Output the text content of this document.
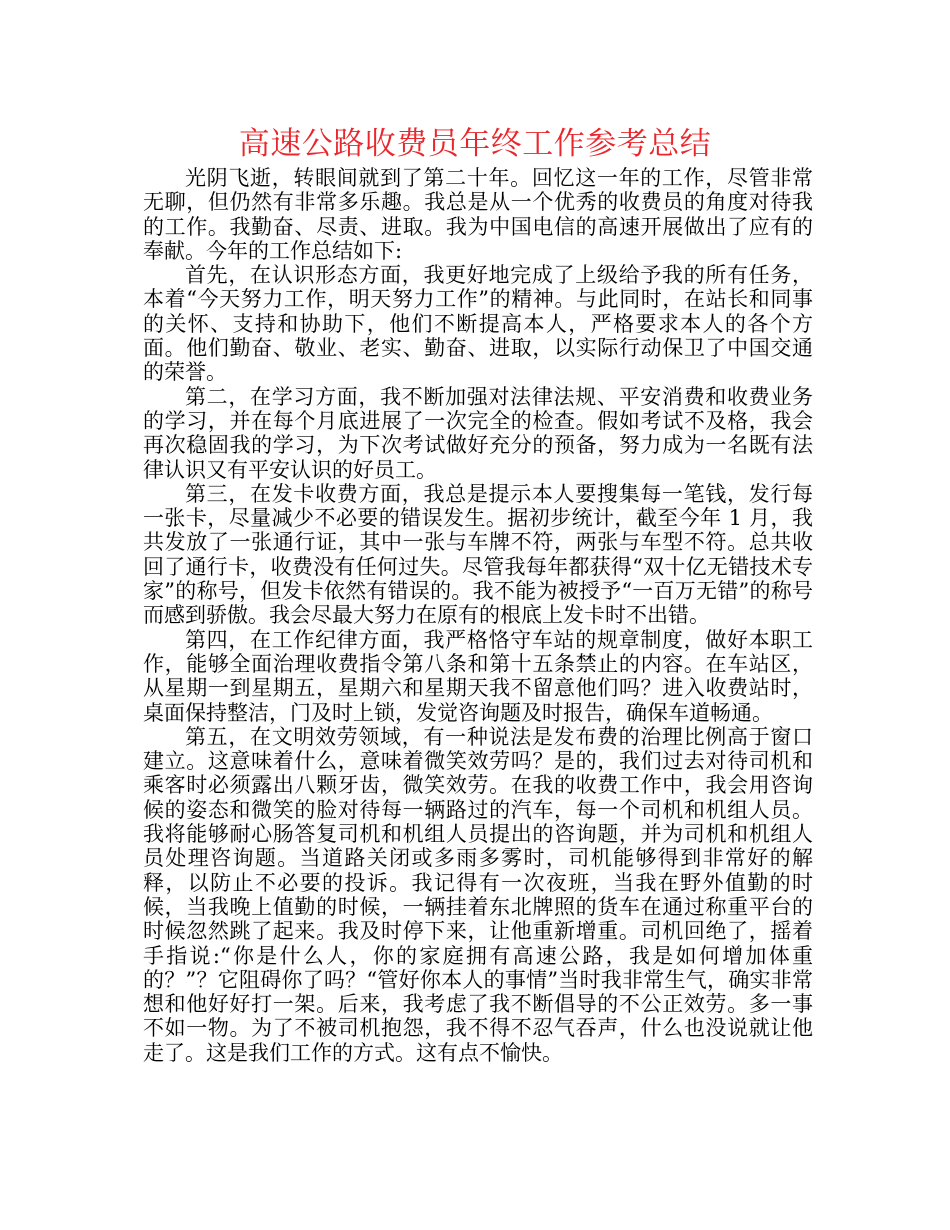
高速公路收费员年终工作参考总结

光阴飞逝，转眼间就到了第二十年。回忆这一年的工作，尽管非常无聊，但仍然有非常多乐趣。我总是从一个优秀的收费员的角度对待我的工作。我勤奋、尽责、进取。我为中国电信的高速开展做出了应有的奉献。今年的工作总结如下:

首先，在认识形态方面，我更好地完成了上级给予我的所有任务，本着“今天努力工作，明天努力工作”的精神。与此同时，在站长和同事的关怀、支持和协助下，他们不断提高本人，严格要求本人的各个方面。他们勤奋、敬业、老实、勤奋、进取，以实际行动保卫了中国交通的荣誉。

第二，在学习方面，我不断加强对法律法规、平安消费和收费业务的学习，并在每个月底进展了一次完全的检查。假如考试不及格，我会再次稳固我的学习，为下次考试做好充分的预备，努力成为一名既有法律认识又有平安认识的好员工。

第三，在发卡收费方面，我总是提示本人要搜集每一笔钱，发行每一张卡，尽量减少不必要的错误发生。据初步统计，截至今年 1 月，我共发放了一张通行证，其中一张与车牌不符，两张与车型不符。总共收回了通行卡，收费没有任何过失。尽管我每年都获得“双十亿无错技术专家”的称号，但发卡依然有错误的。我不能为被授予“一百万无错”的称号而感到骄傲。我会尽最大努力在原有的根底上发卡时不出错。

第四，在工作纪律方面，我严格恪守车站的规章制度，做好本职工作，能够全面治理收费指令第八条和第十五条禁止的内容。在车站区，从星期一到星期五，星期六和星期天我不留意他们吗？进入收费站时，桌面保持整洁，门及时上锁，发觉咨询题及时报告，确保车道畅通。

第五，在文明效劳领域，有一种说法是发布费的治理比例高于窗口建立。这意味着什么，意味着微笑效劳吗？是的，我们过去对待司机和乘客时必须露出八颗牙齿，微笑效劳。在我的收费工作中，我会用咨询候的姿态和微笑的脸对待每一辆路过的汽车，每一个司机和机组人员。我将能够耐心肠答复司机和机组人员提出的咨询题，并为司机和机组人员处理咨询题。当道路关闭或多雨多雾时，司机能够得到非常好的解释，以防止不必要的投诉。我记得有一次夜班，当我在野外值勤的时候，当我晚上值勤的时候，一辆挂着东北牌照的货车在通过称重平台的时候忽然跳了起来。我及时停下来，让他重新增重。司机回绝了，摇着手指说:“你是什么人，你的家庭拥有高速公路，我是如何增加体重的？”？它阻碍你了吗？“管好你本人的事情”当时我非常生气，确实非常想和他好好打一架。后来，我考虑了我不断倡导的不公正效劳。多一事不如一物。为了不被司机抱怨，我不得不忍气吞声，什么也没说就让他走了。这是我们工作的方式。这有点不愉快。
